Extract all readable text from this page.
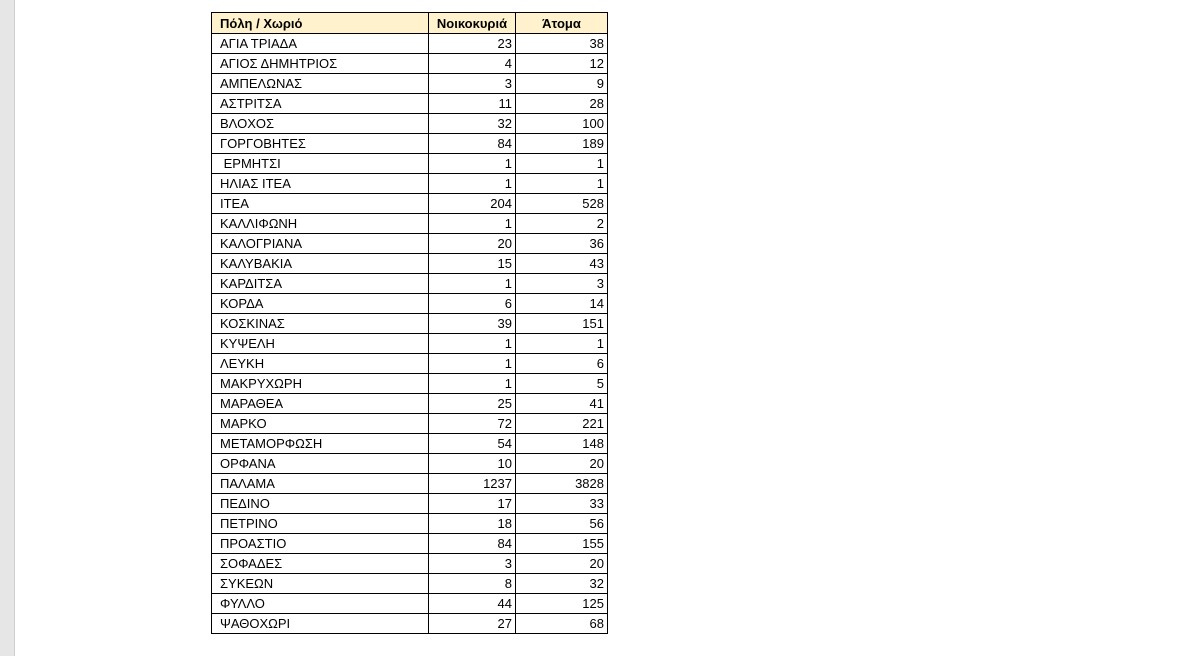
Πόλη / Χωριό	Νοικοκυριά	Άτομα
ΑΓΙΑ ΤΡΙΑΔΑ	23	38
ΑΓΙΟΣ ΔΗΜΗΤΡΙΟΣ	4	12
ΑΜΠΕΛΩΝΑΣ	3	9
ΑΣΤΡΙΤΣΑ	11	28
ΒΛΟΧΟΣ	32	100
ΓΟΡΓΟΒΗΤΕΣ	84	189
ΕΡΜΗΤΣΙ	1	1
ΗΛΙΑΣ ΙΤΕΑ	1	1
ΙΤΕΑ	204	528
ΚΑΛΛΙΦΩΝΗ	1	2
ΚΑΛΟΓΡΙΑΝΑ	20	36
ΚΑΛΥΒΑΚΙΑ	15	43
ΚΑΡΔΙΤΣΑ	1	3
ΚΟΡΔΑ	6	14
ΚΟΣΚΙΝΑΣ	39	151
ΚΥΨΕΛΗ	1	1
ΛΕΥΚΗ	1	6
ΜΑΚΡΥΧΩΡΗ	1	5
ΜΑΡΑΘΕΑ	25	41
ΜΑΡΚΟ	72	221
ΜΕΤΑΜΟΡΦΩΣΗ	54	148
ΟΡΦΑΝΑ	10	20
ΠΑΛΑΜΑ	1237	3828
ΠΕΔΙΝΟ	17	33
ΠΕΤΡΙΝΟ	18	56
ΠΡΟΑΣΤΙΟ	84	155
ΣΟΦΑΔΕΣ	3	20
ΣΥΚΕΩΝ	8	32
ΦΥΛΛΟ	44	125
ΨΑΘΟΧΩΡΙ	27	68
